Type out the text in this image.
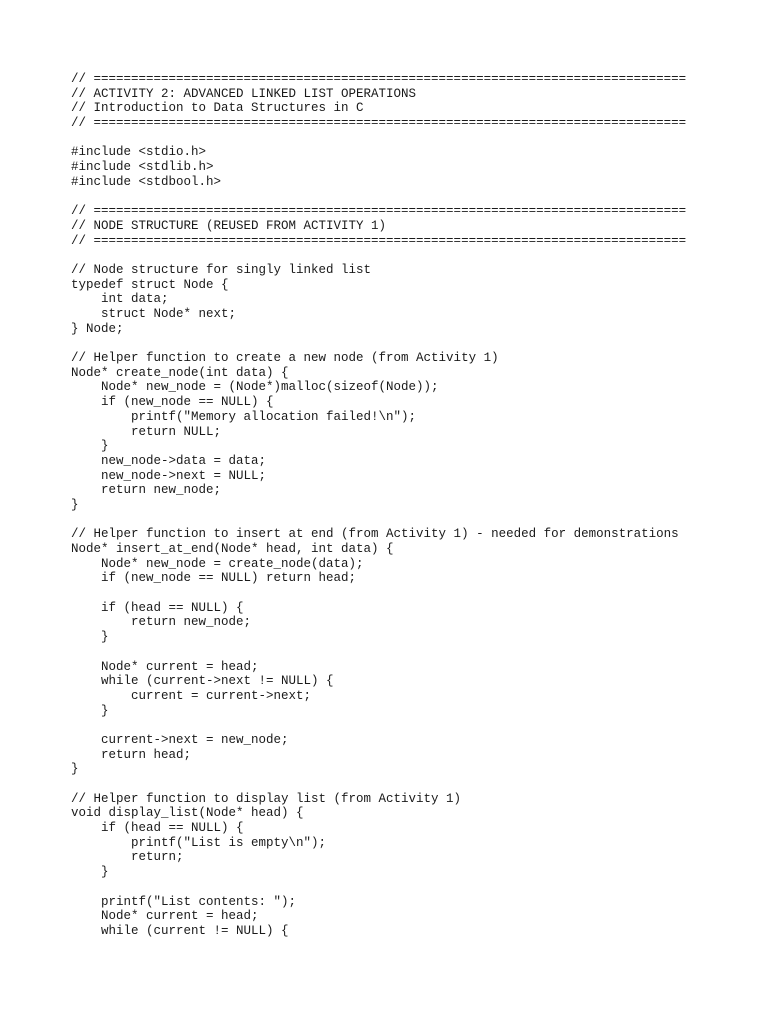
// ===============================================================================
// ACTIVITY 2: ADVANCED LINKED LIST OPERATIONS
// Introduction to Data Structures in C
// ===============================================================================
#include <stdio.h>
#include <stdlib.h>
#include <stdbool.h>
// ===============================================================================
// NODE STRUCTURE (REUSED FROM ACTIVITY 1)
// ===============================================================================
// Node structure for singly linked list
typedef struct Node {
int data;
struct Node* next;
} Node;
// Helper function to create a new node (from Activity 1)
Node* create_node(int data) {
Node* new_node = (Node*)malloc(sizeof(Node));
if (new_node == NULL) {
printf("Memory allocation failed!\n");
return NULL;
}
new_node->data = data;
new_node->next = NULL;
return new_node;
}
// Helper function to insert at end (from Activity 1) - needed for demonstrations
Node* insert_at_end(Node* head, int data) {
Node* new_node = create_node(data);
if (new_node == NULL) return head;
if (head == NULL) {
return new_node;
}
Node* current = head;
while (current->next != NULL) {
current = current->next;
}
current->next = new_node;
return head;
}
// Helper function to display list (from Activity 1)
void display_list(Node* head) {
if (head == NULL) {
printf("List is empty\n");
return;
}
printf("List contents: ");
Node* current = head;
while (current != NULL) {
